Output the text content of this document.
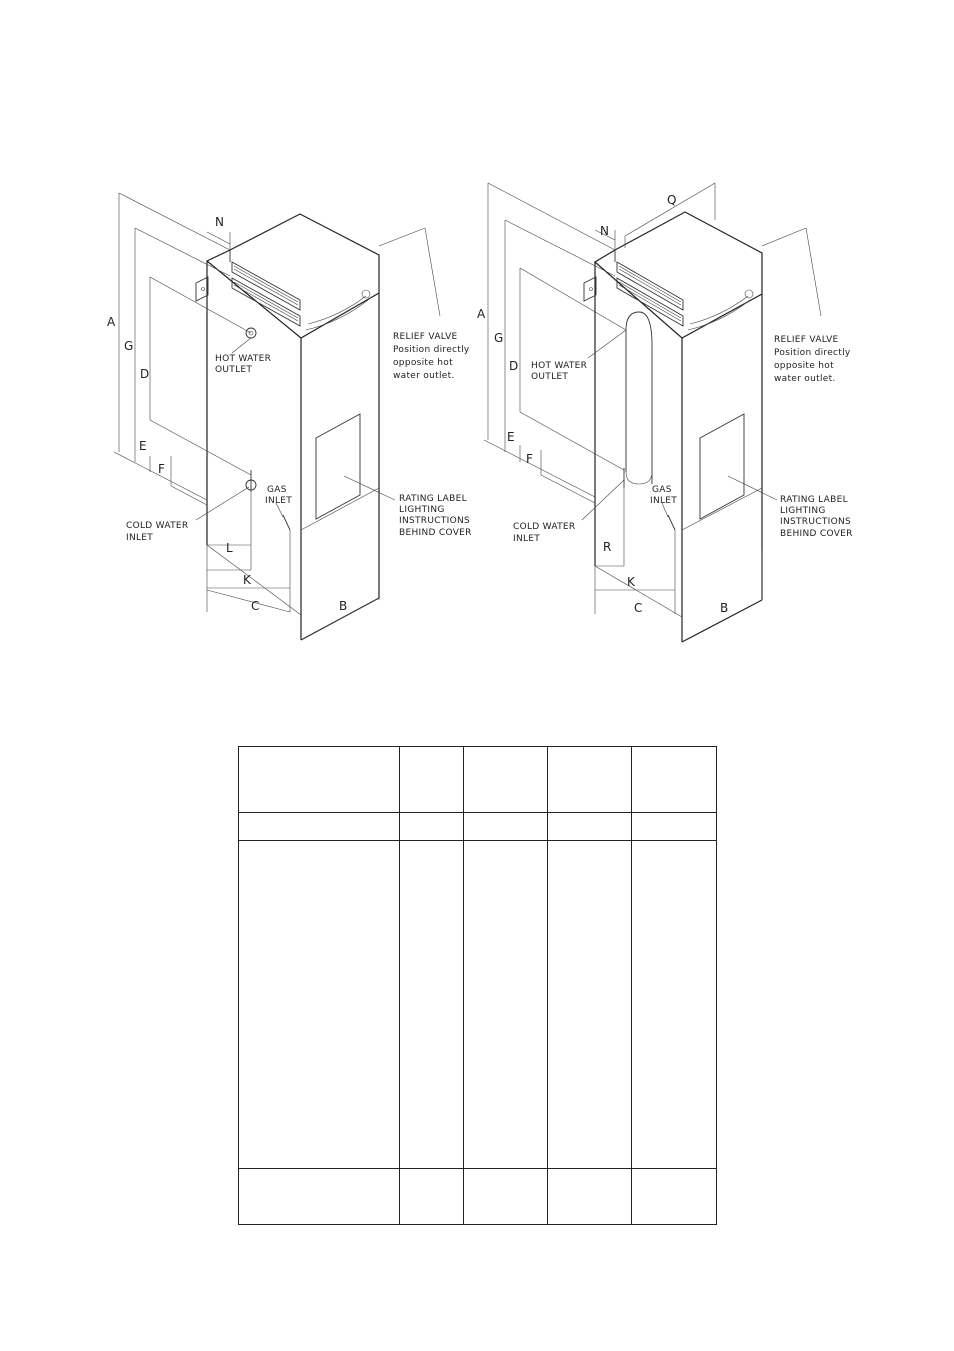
A
G
D
E
F
N
L
K
C	B
RELIEF VALVE
Position directly
opposite hot
water outlet.
HOT WATER
OUTLET
GAS
INLET
COLD WATER
INLET
RATING LABEL
LIGHTING
INSTRUCTIONS
BEHIND COVER
A
G
D
E
F
N
Q
R
K
C	B
RELIEF VALVE
Position directly
opposite hot
water outlet.
HOT WATER
OUTLET
GAS
INLET
COLD WATER
INLET
RATING LABEL
LIGHTING
INSTRUCTIONS
BEHIND COVER
